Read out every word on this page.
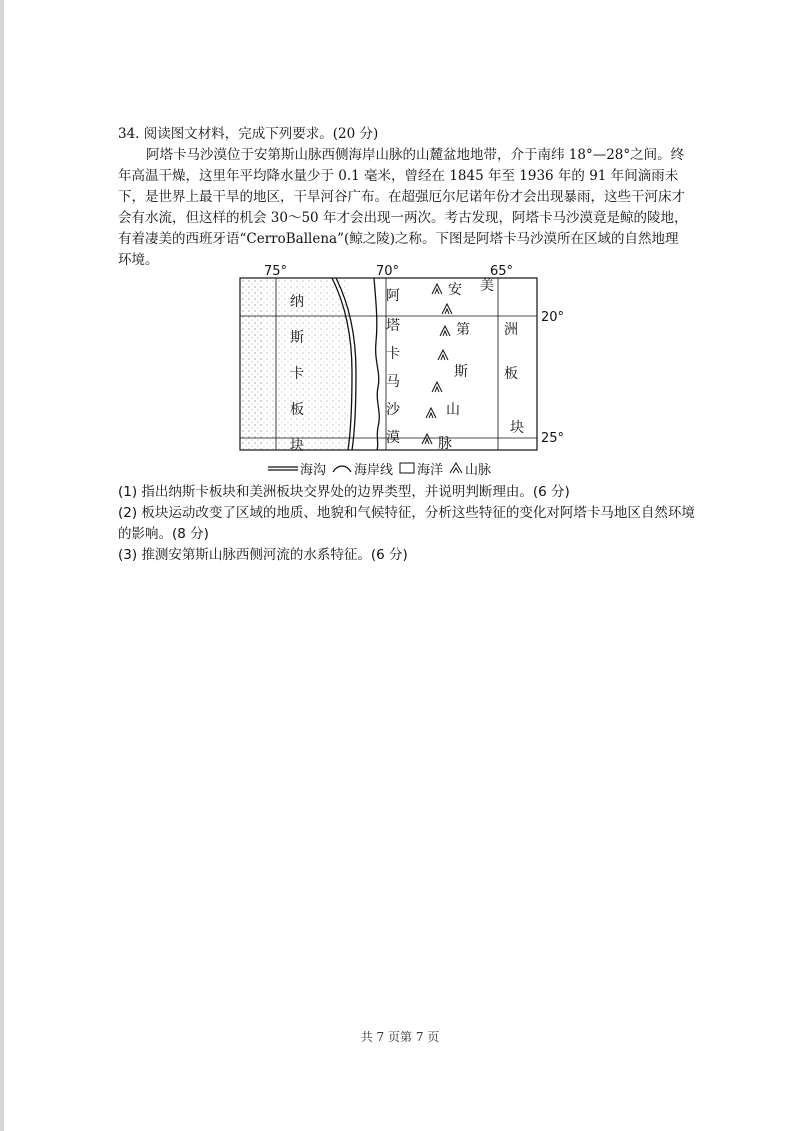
34. 阅读图文材料，完成下列要求。(20 分)

阿塔卡马沙漠位于安第斯山脉西侧海岸山脉的山麓盆地地带，介于南纬 18°—28°之间。终年高温干燥，这里年平均降水量少于 0.1 毫米，曾经在 1845 年至 1936 年的 91 年间滴雨未下，是世界上最干旱的地区，干旱河谷广布。在超强厄尔尼诺年份才会出现暴雨，这些干河床才会有水流，但这样的机会 30～50 年才会出现一两次。考古发现，阿塔卡马沙漠竟是鲸的陵地，有着凄美的西班牙语“CerroBallena”(鲸之陵)之称。下图是阿塔卡马沙漠所在区域的自然地理环境。

75°	70°	65°
纳
斯
卡
板
块
阿
塔
卡
马
沙
漠
安
第
斯
山
脉
美
洲
板
块
20°
25°
海沟 海岸线 海洋 山脉

(1) 指出纳斯卡板块和美洲板块交界处的边界类型，并说明判断理由。(6 分)

(2) 板块运动改变了区域的地质、地貌和气候特征，分析这些特征的变化对阿塔卡马地区自然环境的影响。(8 分)

(3) 推测安第斯山脉西侧河流的水系特征。(6 分)

共 7 页第 7 页
